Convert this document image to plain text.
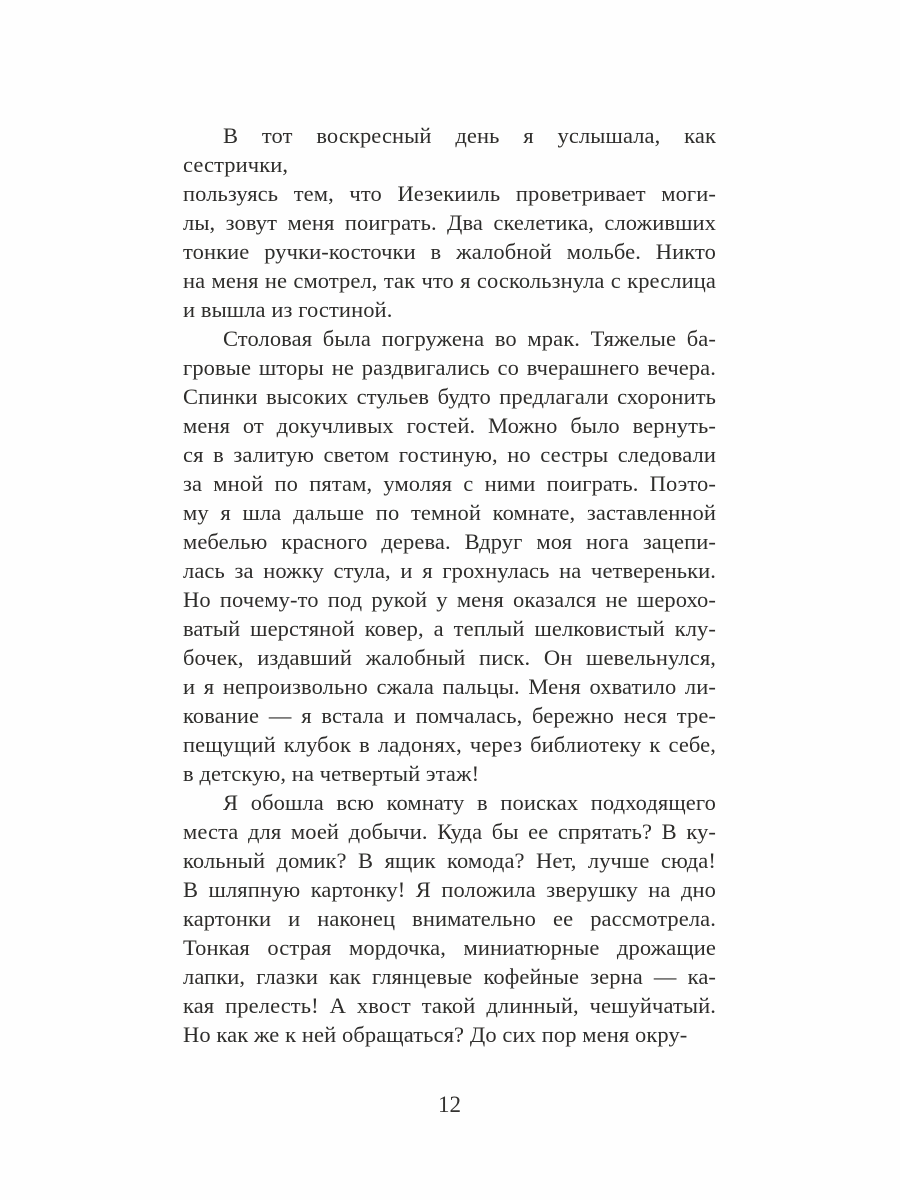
В тот воскресный день я услышала, как сестрички,
пользуясь тем, что Иезекииль проветривает моги-
лы, зовут меня поиграть. Два скелетика, сложивших
тонкие ручки-косточки в жалобной мольбе. Никто
на меня не смотрел, так что я соскользнула с креслица
и вышла из гостиной.

Столовая была погружена во мрак. Тяжелые ба-
гровые шторы не раздвигались со вчерашнего вечера.
Спинки высоких стульев будто предлагали схоронить
меня от докучливых гостей. Можно было вернуть-
ся в залитую светом гостиную, но сестры следовали
за мной по пятам, умоляя с ними поиграть. Поэто-
му я шла дальше по темной комнате, заставленной
мебелью красного дерева. Вдруг моя нога зацепи-
лась за ножку стула, и я грохнулась на четвереньки.
Но почему-то под рукой у меня оказался не шерохо-
ватый шерстяной ковер, а теплый шелковистый клу-
бочек, издавший жалобный писк. Он шевельнулся,
и я непроизвольно сжала пальцы. Меня охватило ли-
кование — я встала и помчалась, бережно неся тре-
пещущий клубок в ладонях, через библиотеку к себе,
в детскую, на четвертый этаж!

Я обошла всю комнату в поисках подходящего
места для моей добычи. Куда бы ее спрятать? В ку-
кольный домик? В ящик комода? Нет, лучше сюда!
В шляпную картонку! Я положила зверушку на дно
картонки и наконец внимательно ее рассмотрела.
Тонкая острая мордочка, миниатюрные дрожащие
лапки, глазки как глянцевые кофейные зерна — ка-
кая прелесть! А хвост такой длинный, чешуйчатый.
Но как же к ней обращаться? До сих пор меня окру-

12
